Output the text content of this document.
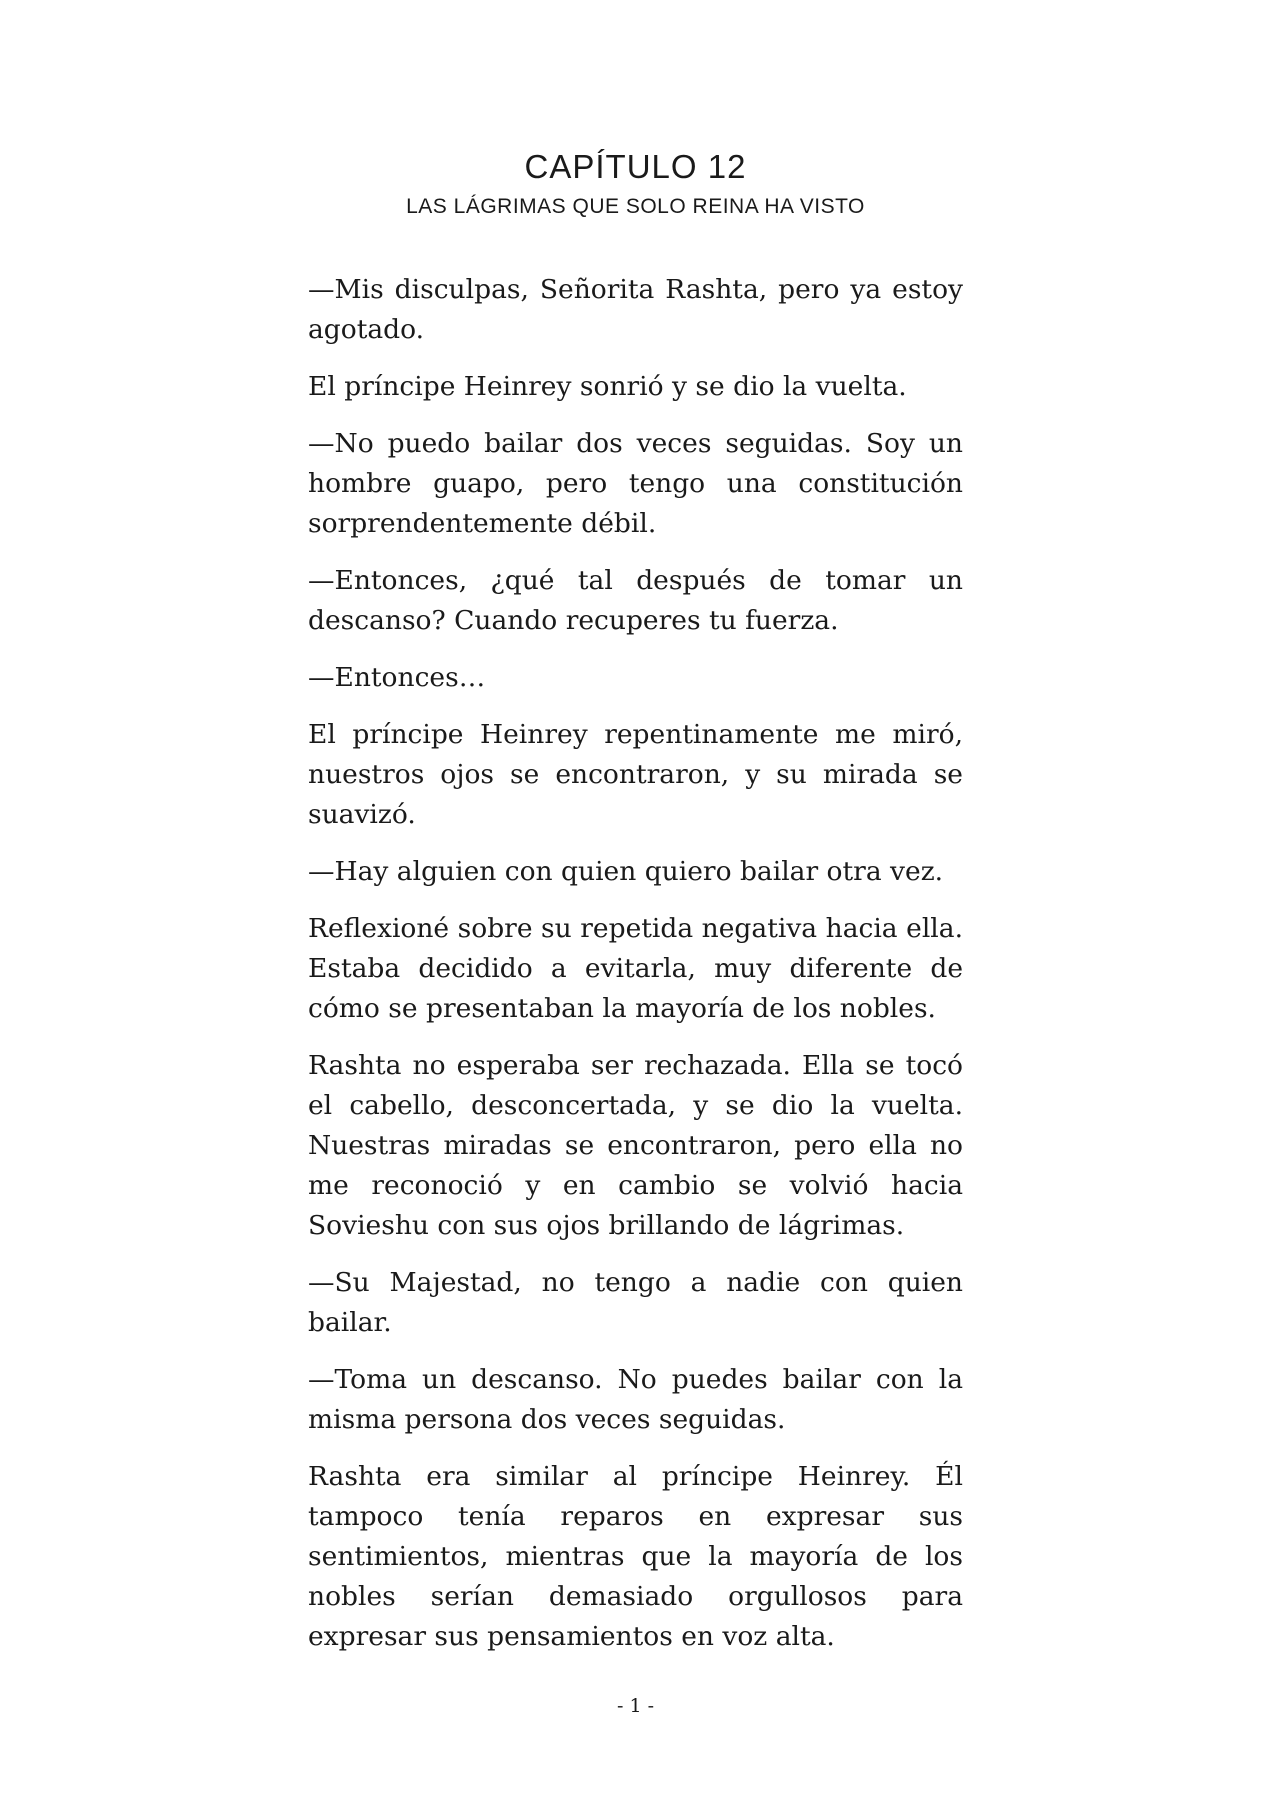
CAPÍTULO 12
LAS LÁGRIMAS QUE SOLO REINA HA VISTO

—Mis disculpas, Señorita Rashta, pero ya estoy agotado.

El príncipe Heinrey sonrió y se dio la vuelta.

—No puedo bailar dos veces seguidas. Soy un hombre guapo, pero tengo una constitución sorprendentemente débil.

—Entonces, ¿qué tal después de tomar un descanso? Cuando recuperes tu fuerza.

—Entonces…

El príncipe Heinrey repentinamente me miró, nuestros ojos se encontraron, y su mirada se suavizó.

—Hay alguien con quien quiero bailar otra vez.

Reflexioné sobre su repetida negativa hacia ella. Estaba decidido a evitarla, muy diferente de cómo se presentaban la mayoría de los nobles.

Rashta no esperaba ser rechazada. Ella se tocó el cabello, desconcertada, y se dio la vuelta. Nuestras miradas se encontraron, pero ella no me reconoció y en cambio se volvió hacia Sovieshu con sus ojos brillando de lágrimas.

—Su Majestad, no tengo a nadie con quien bailar.

—Toma un descanso. No puedes bailar con la misma persona dos veces seguidas.

Rashta era similar al príncipe Heinrey. Él tampoco tenía reparos en expresar sus sentimientos, mientras que la mayoría de los nobles serían demasiado orgullosos para expresar sus pensamientos en voz alta.

- 1 -
